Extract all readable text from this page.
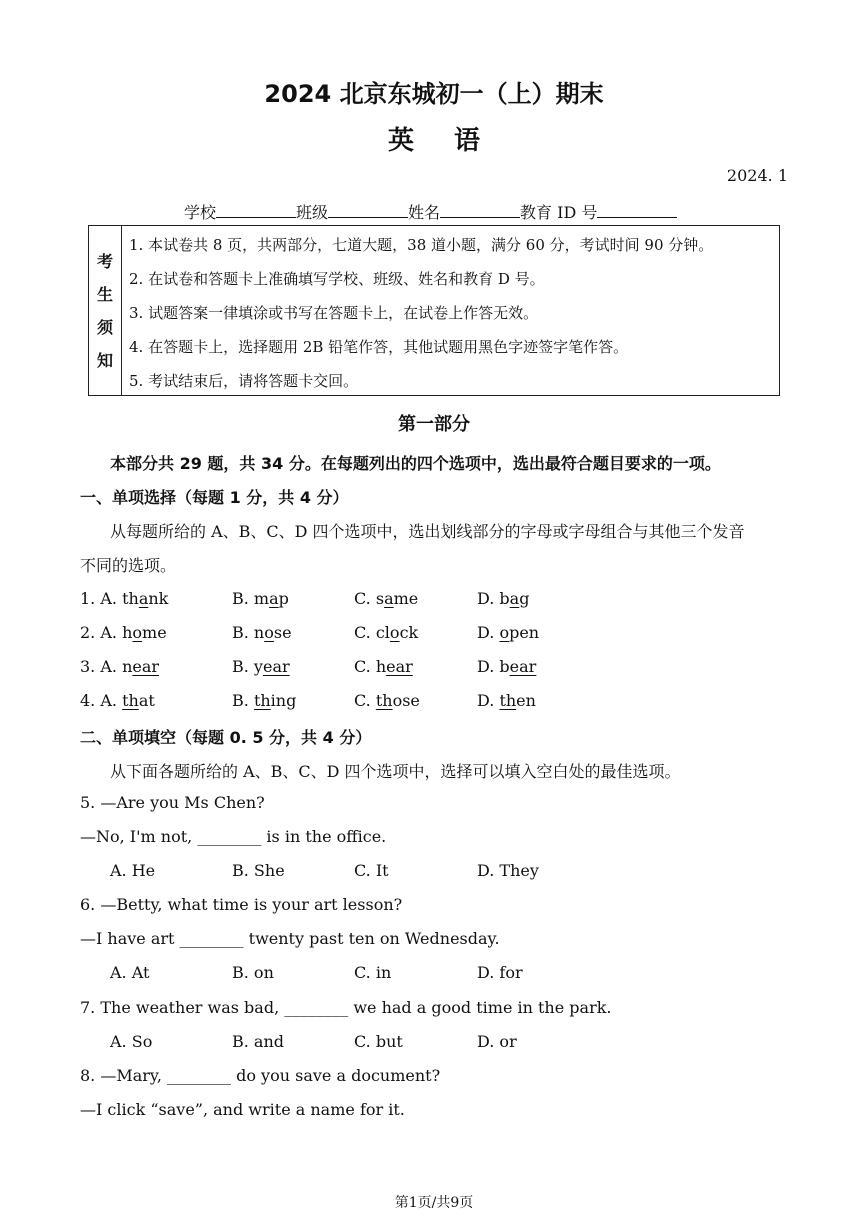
2024 北京东城初一（上）期末
英语
2024. 1
学校	班级	姓名	教育 ID 号
考
生
须
知
1. 本试卷共 8 页，共两部分，七道大题，38 道小题，满分 60 分，考试时间 90 分钟。
2. 在试卷和答题卡上准确填写学校、班级、姓名和教育 D 号。
3. 试题答案一律填涂或书写在答题卡上，在试卷上作答无效。
4. 在答题卡上，选择题用 2B 铅笔作答，其他试题用黑色字迹签字笔作答。
5. 考试结束后，请将答题卡交回。
第一部分
本部分共 29 题，共 34 分。在每题列出的四个选项中，选出最符合题目要求的一项。
一、单项选择（每题 1 分，共 4 分）
从每题所给的 A、B、C、D 四个选项中，选出划线部分的字母或字母组合与其他三个发音
不同的选项。
1. A. thank	B. map	C. same	D. bag
2. A. home	B. nose	C. clock	D. open
3. A. near	B. year	C. hear	D. bear
4. A. that	B. thing	C. those	D. then
二、单项填空（每题 0. 5 分，共 4 分）
从下面各题所给的 A、B、C、D 四个选项中，选择可以填入空白处的最佳选项。
5. —Are you Ms Chen?
—No, I'm not, ________ is in the office.
A. He	B. She	C. It	D. They
6. —Betty, what time is your art lesson?
—I have art ________ twenty past ten on Wednesday.
A. At	B. on	C. in	D. for
7. The weather was bad, ________ we had a good time in the park.
A. So	B. and	C. but	D. or
8. —Mary, ________ do you save a document?
—I click “save”, and write a name for it.
第1页/共9页
